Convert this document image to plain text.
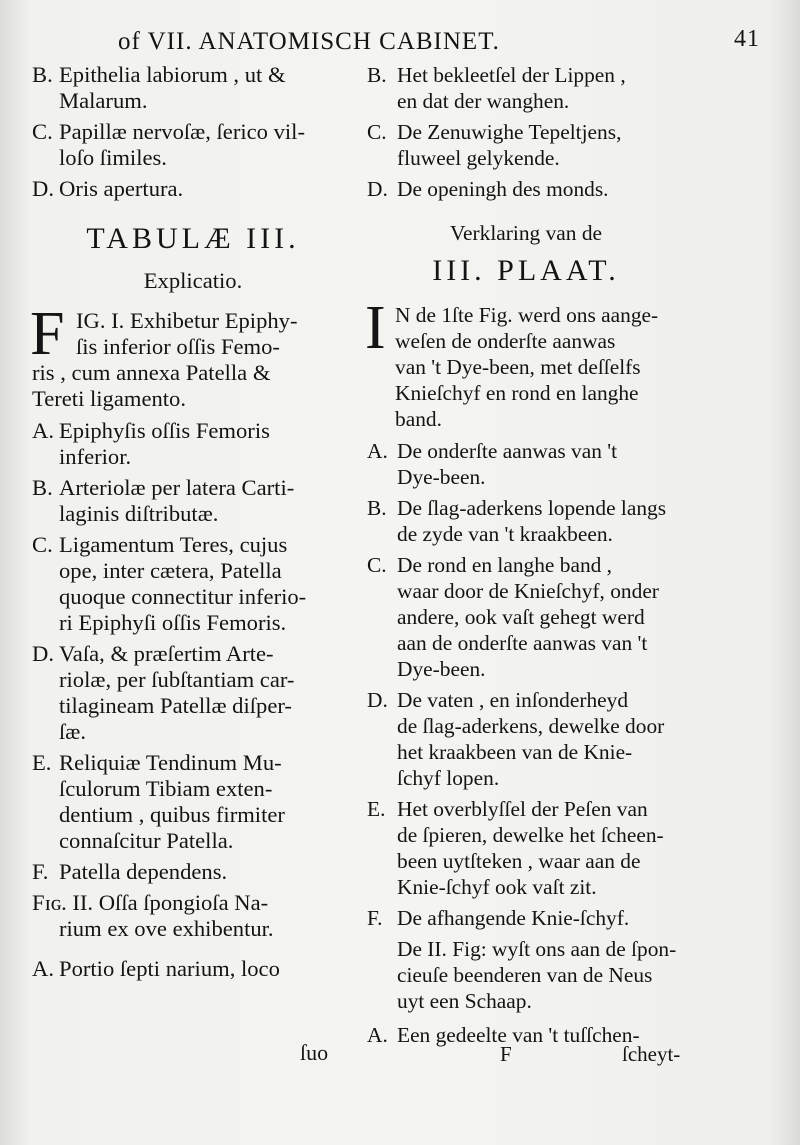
of VII. ANATOMISCH CABINET.	41
B. Epithelia labiorum , ut &
Malarum.
C. Papillæ nervoſæ, ſerico vil-
loſo ſimiles.
D. Oris apertura.
TABULÆ III.
Explicatio.
F IG. I. Exhibetur Epiphy-
ſis inferior oſſis Femo-
ris , cum annexa Patella &
Tereti ligamento.
A. Epiphyſis oſſis Femoris
inferior.
B. Arteriolæ per latera Carti-
laginis diſtributæ.
C. Ligamentum Teres, cujus
ope, inter cætera, Patella
quoque connectitur inferio-
ri Epiphyſi oſſis Femoris.
D. Vaſa, & præſertim Arte-
riolæ, per ſubſtantiam car-
tilagineam Patellæ diſper-
ſæ.
E. Reliquiæ Tendinum Mu-
ſculorum Tibiam exten-
dentium , quibus firmiter
connaſcitur Patella.
F. Patella dependens.
Fɪɢ. II. Oſſa ſpongioſa Na-
rium ex ove exhibentur.
A. Portio ſepti narium, loco
ſuo
B. Het bekleetſel der Lippen ,
en dat der wanghen.
C. De Zenuwighe Tepeltjens,
fluweel gelykende.
D. De openingh des monds.
Verklaring van de
III. PLAAT.
I N de 1ſte Fig. werd ons aange-
weſen de onderſte aanwas
van 't Dye-been, met deſſelfs
Knieſchyf en rond en langhe
band.
A. De onderſte aanwas van 't
Dye-been.
B. De ſlag-aderkens lopende langs
de zyde van 't kraakbeen.
C. De rond en langhe band ,
waar door de Knieſchyf, onder
andere, ook vaſt gehegt werd
aan de onderſte aanwas van 't
Dye-been.
D. De vaten , en inſonderheyd
de ſlag-aderkens, dewelke door
het kraakbeen van de Knie-
ſchyf lopen.
E. Het overblyſſel der Peſen van
de ſpieren, dewelke het ſcheen-
been uytſteken , waar aan de
Knie-ſchyf ook vaſt zit.
F. De afhangende Knie-ſchyf.
De II. Fig: wyſt ons aan de ſpon-
cieuſe beenderen van de Neus
uyt een Schaap.
A. Een gedeelte van 't tuſſchen-
F	ſcheyt-
